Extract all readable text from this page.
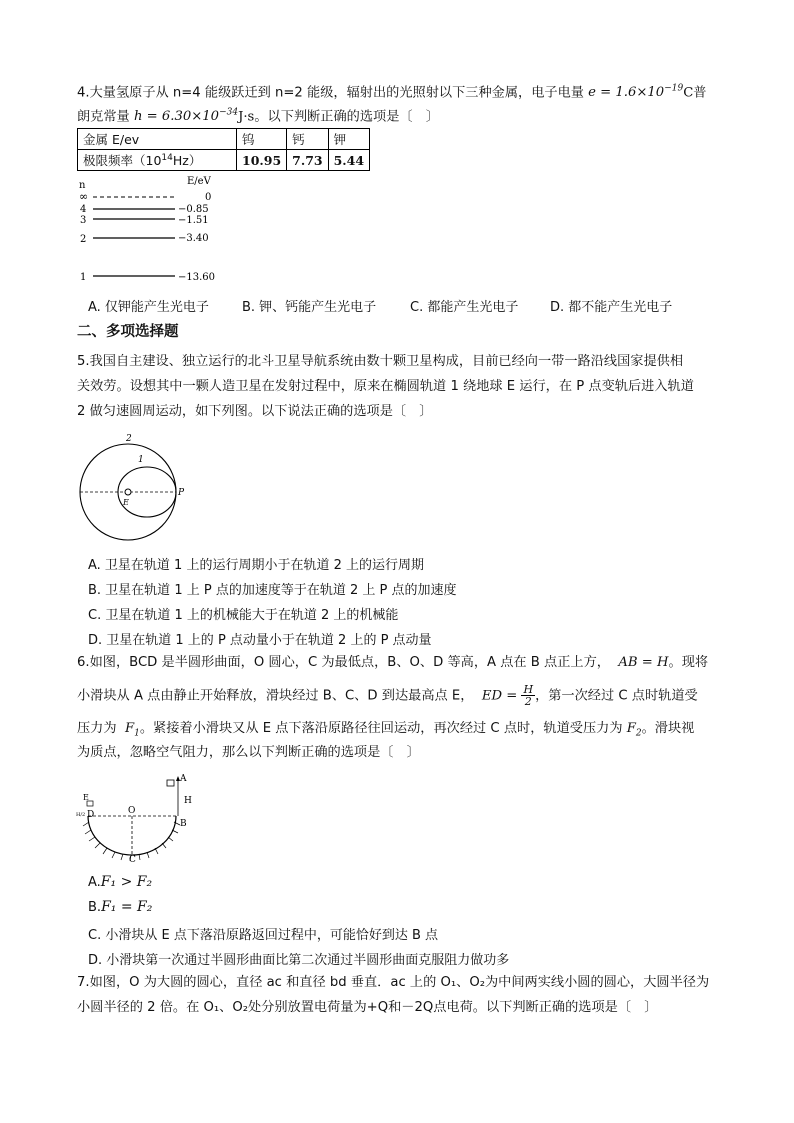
4.大量氢原子从 n=4 能级跃迁到 n=2 能级，辐射出的光照射以下三种金属，电子电量 $e = 1.6\times 10^{-19}C$普
朗克常量 $h = 6.30\times 10^{-34}J\cdot s$。以下判断正确的选项是〔　〕
金属 E/ev	钨	钙	钾
极限频率$(10^{14}Hz)$	10.95	7.73	5.44
n	E/eV
∞	0
4	−0.85
3	−1.51
2	−3.40
1	−13.60
A. 仅钾能产生光电子	B. 钾、钙能产生光电子	C. 都能产生光电子 D. 都不能产生光电子
二、多项选择题
5.我国自主建设、独立运行的北斗卫星导航系统由数十颗卫星构成，目前已经向一带一路沿线国家提供相
关效劳。设想其中一颗人造卫星在发射过程中，原来在椭圆轨道 1 绕地球 E 运行，在 P 点变轨后进入轨道
2 做匀速圆周运动，如下列图。以下说法正确的选项是〔　〕
2
1
E
P
A. 卫星在轨道 1 上的运行周期小于在轨道 2 上的运行周期
B. 卫星在轨道 1 上 P 点的加速度等于在轨道 2 上 P 点的加速度
C. 卫星在轨道 1 上的机械能大于在轨道 2 上的机械能
D. 卫星在轨道 1 上的 P 点动量小于在轨道 2 上的 P 点动量
6.如图，BCD 是半圆形曲面，O 圆心，C 为最低点，B、O、D 等高，A 点在 B 点正上方， AB = H。现将
小滑块从 A 点由静止开始释放，滑块经过 B、C、D 到达最高点 E， ED = $\frac{H}{2}$ ，第一次经过 C 点时轨道受
压力为 $F_1$。紧接着小滑块又从 E 点下落沿原路径往回运动，再次经过 C 点时，轨道受压力为 $F_2$。滑块视
为质点，忽略空气阻力，那么以下判断正确的选项是〔　〕
A
H
B
O
C
E
D
H/2
A.F₁ > F₂
B.F₁ = F₂
C. 小滑块从 E 点下落沿原路返回过程中，可能恰好到达 B 点
D. 小滑块第一次通过半圆形曲面比第二次通过半圆形曲面克服阻力做功多
7.如图，O 为大圆的圆心，直径 ac 和直径 bd 垂直．ac 上的 O₁、O₂为中间两实线小圆的圆心，大圆半径为
小圆半径的 2 倍。在 O₁、O₂处分别放置电荷量为+Q和－2Q点电荷。以下判断正确的选项是〔　〕
